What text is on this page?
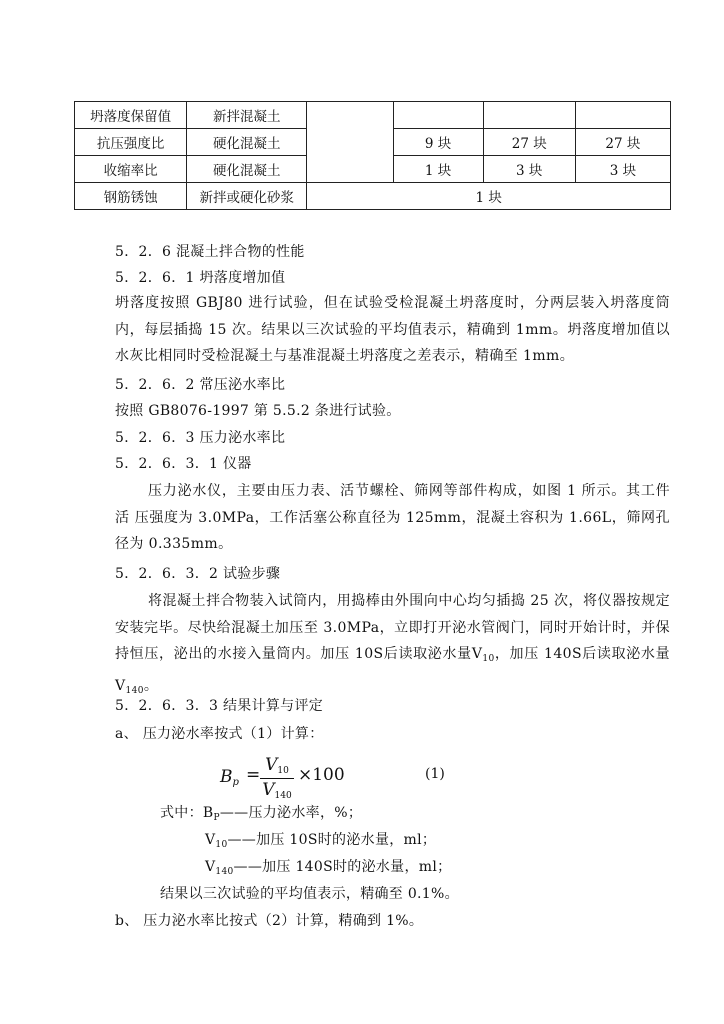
坍落度保留值	新拌混凝土				
抗压强度比	硬化混凝土		9 块	27 块	27 块
收缩率比	硬化混凝土		1 块	3 块	3 块
钢筋锈蚀	新拌或硬化砂浆	1 块			
5．2．6 混凝土拌合物的性能
5．2．6．1 坍落度增加值
坍落度按照 GBJ80 进行试验，但在试验受检混凝土坍落度时，分两层装入坍落度筒内，每层插捣 15 次。结果以三次试验的平均值表示，精确到 1mm。坍落度增加值以水灰比相同时受检混凝土与基准混凝土坍落度之差表示，精确至 1mm。
5．2．6．2 常压泌水率比
按照 GB8076-1997 第 5.5.2 条进行试验。
5．2．6．3 压力泌水率比
5．2．6．3．1 仪器
压力泌水仪，主要由压力表、活节螺栓、筛网等部件构成，如图 1 所示。其工件活 压强度为 3.0MPa，工作活塞公称直径为 125mm，混凝土容积为 1.66L，筛网孔径为 0.335mm。
5．2．6．3．2 试验步骤
将混凝土拌合物装入试筒内，用捣棒由外围向中心均匀插捣 25 次，将仪器按规定安装完毕。尽快给混凝土加压至 3.0MPa，立即打开泌水管阀门，同时开始计时，并保持恒压，泌出的水接入量筒内。加压 10S后读取泌水量$V_{10}$，加压 140S后读取泌水量$V_{140}$。
5．2．6．3．3 结果计算与评定
a、 压力泌水率按式（1）计算：
$B_p = V_{10}$
$V_{140}$
×100	(1)
式中：$B_P——$压力泌水率，%；
$V_{10}——$加压 10S时的泌水量，ml；
$V_{140}——$加压 140S时的泌水量，ml；
结果以三次试验的平均值表示，精确至 0.1%。
b、 压力泌水率比按式（2）计算，精确到 1%。
